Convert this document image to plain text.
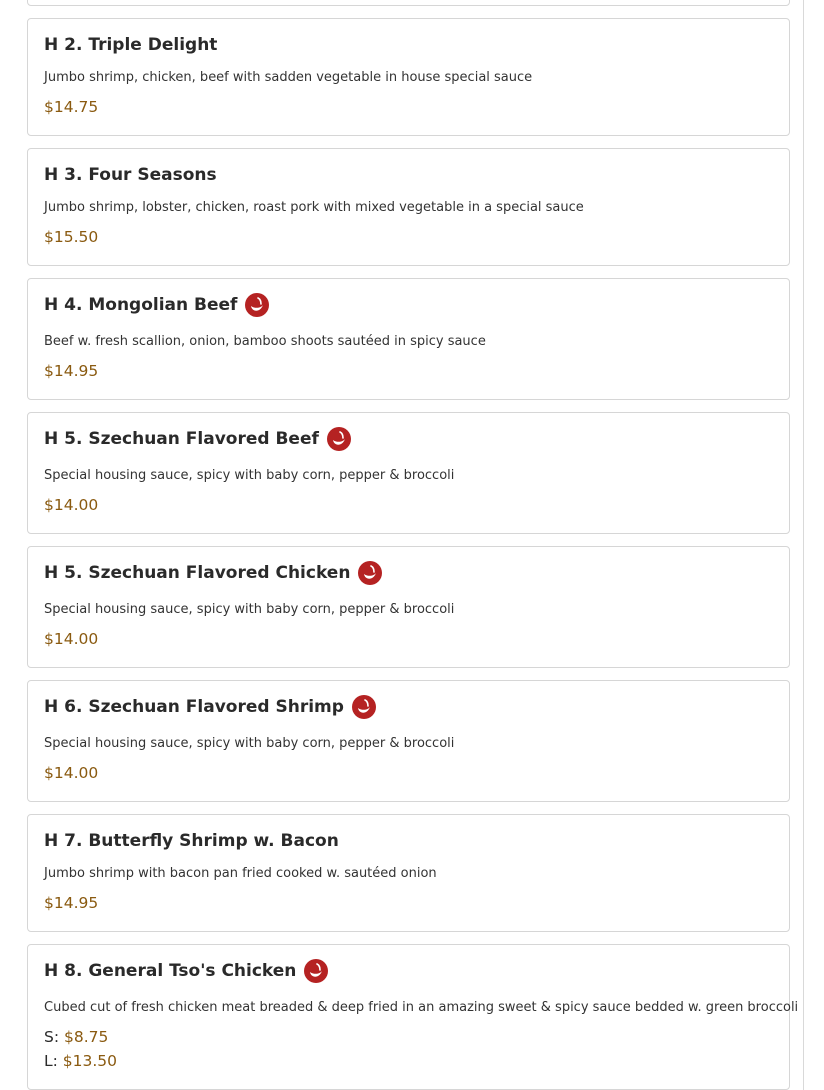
H 2. Triple Delight
Jumbo shrimp, chicken, beef with sadden vegetable in house special sauce
$14.75
H 3. Four Seasons
Jumbo shrimp, lobster, chicken, roast pork with mixed vegetable in a special sauce
$15.50
H 4. Mongolian Beef
Beef w. fresh scallion, onion, bamboo shoots sautéed in spicy sauce
$14.95
H 5. Szechuan Flavored Beef
Special housing sauce, spicy with baby corn, pepper & broccoli
$14.00
H 5. Szechuan Flavored Chicken
Special housing sauce, spicy with baby corn, pepper & broccoli
$14.00
H 6. Szechuan Flavored Shrimp
Special housing sauce, spicy with baby corn, pepper & broccoli
$14.00
H 7. Butterfly Shrimp w. Bacon
Jumbo shrimp with bacon pan fried cooked w. sautéed onion
$14.95
H 8. General Tso's Chicken
Cubed cut of fresh chicken meat breaded & deep fried in an amazing sweet & spicy sauce bedded w. green broccoli
S: $8.75
L: $13.50
